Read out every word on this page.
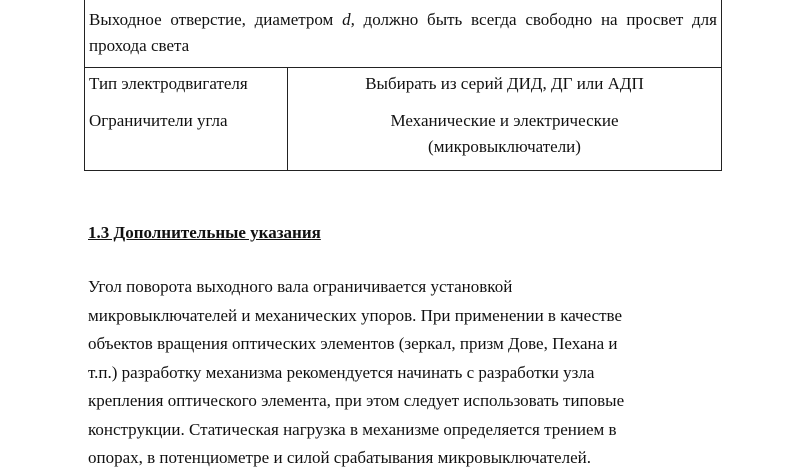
Выходное отверстие, диаметром d, должно быть всегда свободно на просвет для прохода света	
Тип электродвигателя	Выбирать из серий ДИД, ДГ или АДП
Ограничители угла	Механические и электрические
(микровыключатели)
1.3 Дополнительные указания

Угол поворота выходного вала ограничивается установкой
микровыключателей и механических упоров. При применении в качестве
объектов вращения оптических элементов (зеркал, призм Дове, Пехана и
т.п.) разработку механизма рекомендуется начинать с разработки узла
крепления оптического элемента, при этом следует использовать типовые
конструкции. Статическая нагрузка в механизме определяется трением в
опорах, в потенциометре и силой срабатывания микровыключателей.
